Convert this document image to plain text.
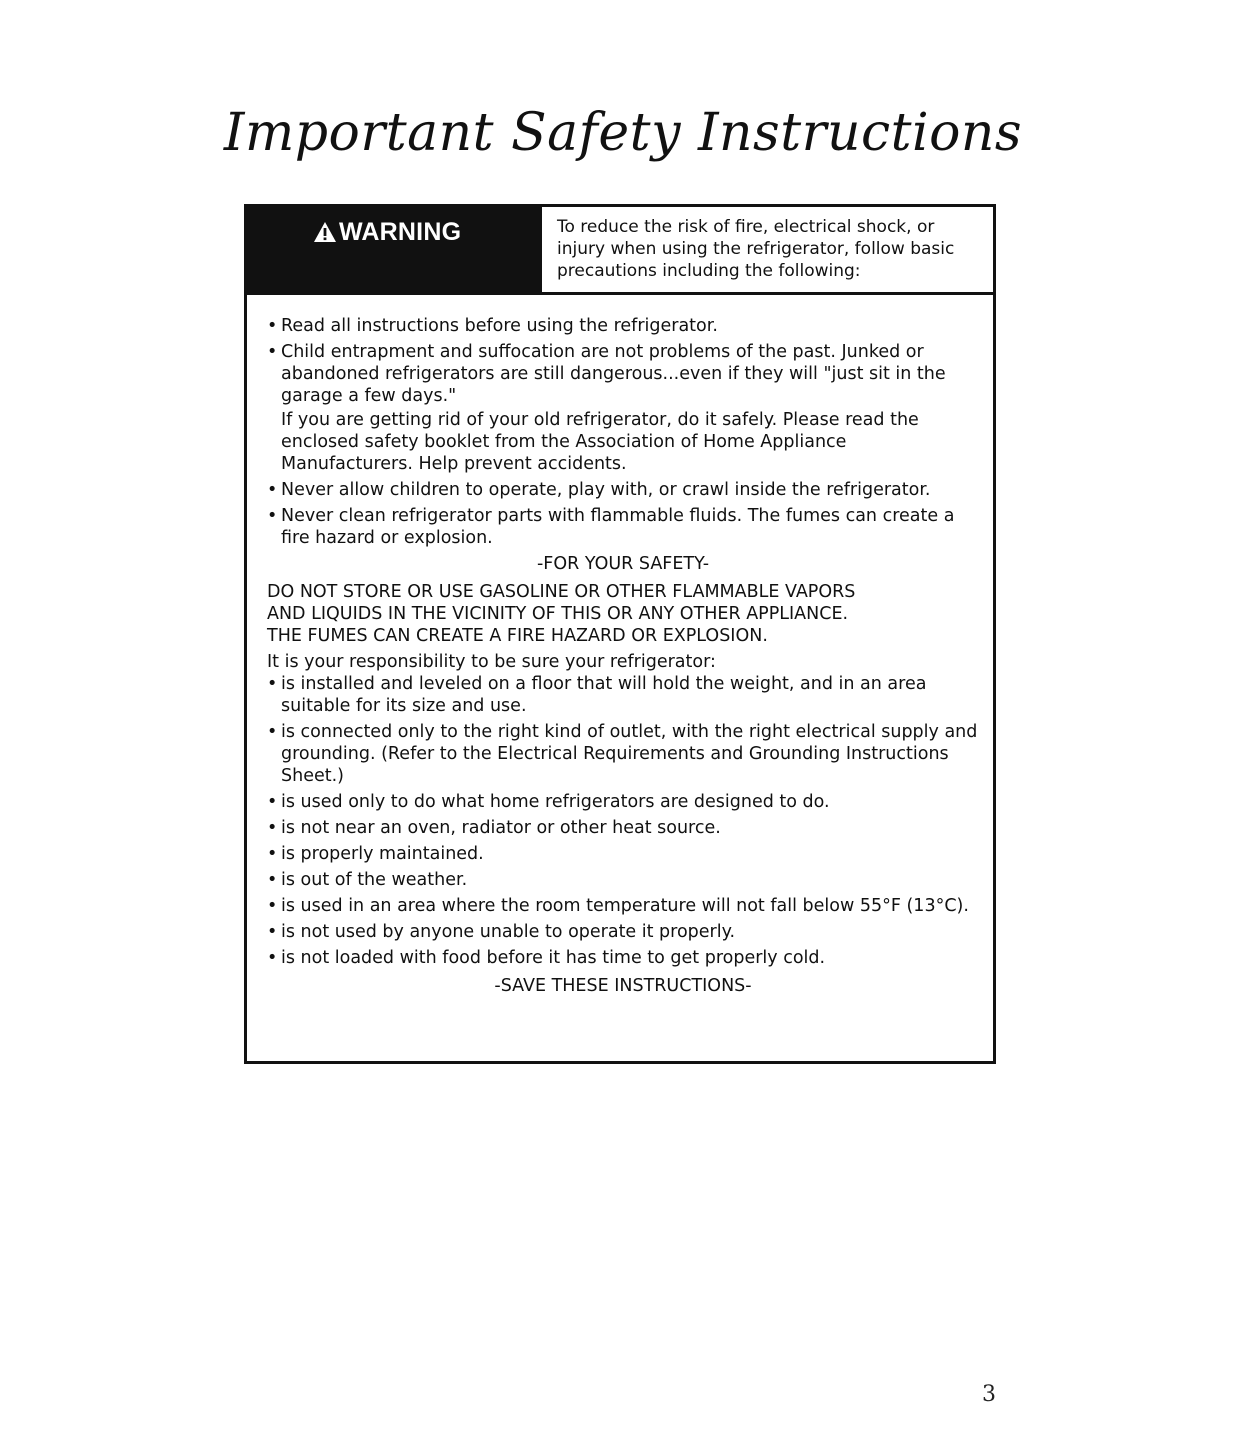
Important Safety Instructions
WARNING	To reduce the risk of fire, electrical shock, or injury when using the refrigerator, follow basic precautions including the following:
• Read all instructions before using the refrigerator.
• Child entrapment and suffocation are not problems of the past. Junked or abandoned refrigerators are still dangerous...even if they will "just sit in the garage a few days."
If you are getting rid of your old refrigerator, do it safely. Please read the enclosed safety booklet from the Association of Home Appliance Manufacturers. Help prevent accidents.
• Never allow children to operate, play with, or crawl inside the refrigerator.
• Never clean refrigerator parts with flammable fluids. The fumes can create a fire hazard or explosion.
-FOR YOUR SAFETY-
DO NOT STORE OR USE GASOLINE OR OTHER FLAMMABLE VAPORS
AND LIQUIDS IN THE VICINITY OF THIS OR ANY OTHER APPLIANCE.
THE FUMES CAN CREATE A FIRE HAZARD OR EXPLOSION.
It is your responsibility to be sure your refrigerator:
• is installed and leveled on a floor that will hold the weight, and in an area suitable for its size and use.
• is connected only to the right kind of outlet, with the right electrical supply and grounding. (Refer to the Electrical Requirements and Grounding Instructions Sheet.)
• is used only to do what home refrigerators are designed to do.
• is not near an oven, radiator or other heat source.
• is properly maintained.
• is out of the weather.
• is used in an area where the room temperature will not fall below 55°F (13°C).
• is not used by anyone unable to operate it properly.
• is not loaded with food before it has time to get properly cold.
-SAVE THESE INSTRUCTIONS-
3
